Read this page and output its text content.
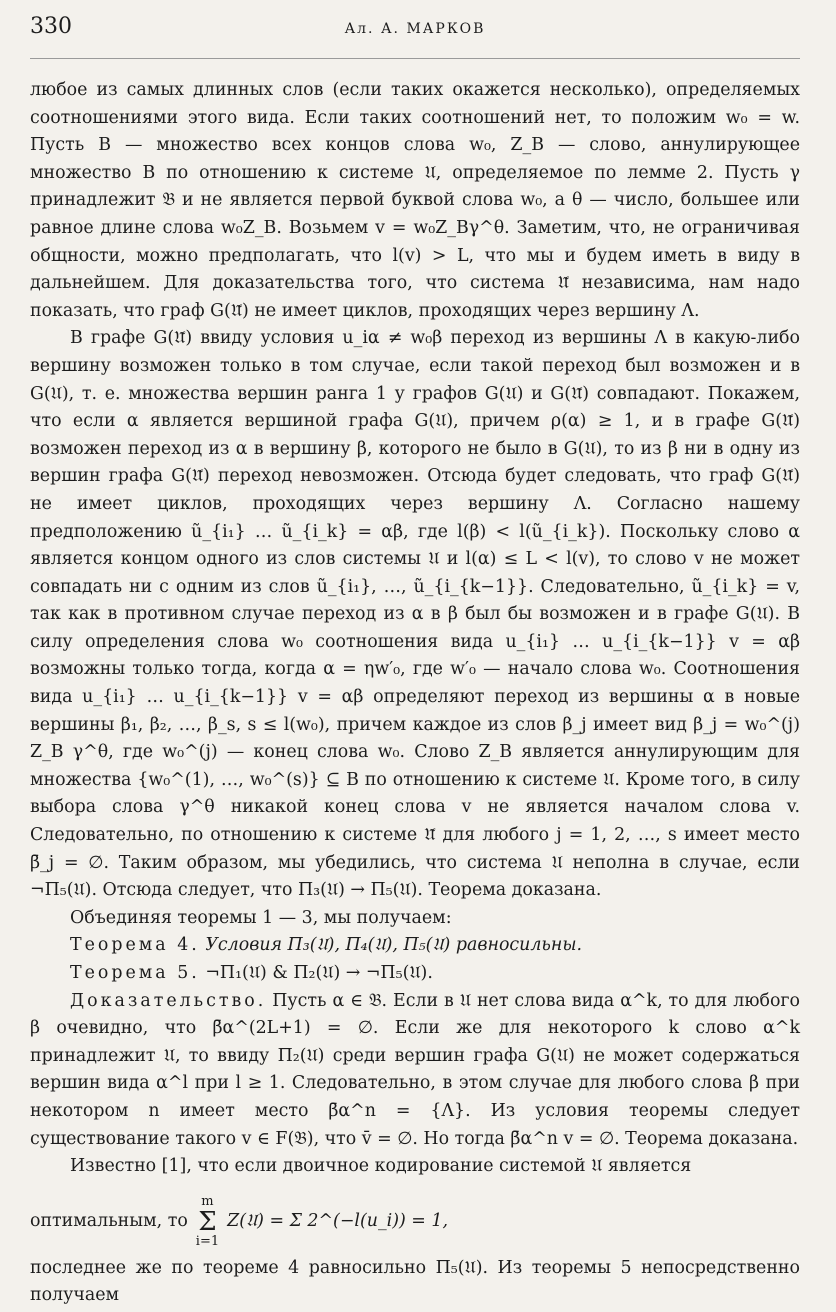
330	Ал. А. МАРКОВ

любое из самых длинных слов (если таких окажется несколько), определяемых соотношениями этого вида. Если таких соотношений нет, то положим w₀ = w. Пусть B — множество всех концов слова w₀, Z_B — слово, аннулирующее множество B по отношению к системе 𝔘, определяемое по лемме 2. Пусть γ принадлежит 𝔅 и не является первой буквой слова w₀, а θ — число, большее или равное длине слова w₀Z_B. Возьмем v = w₀Z_Bγ^θ. Заметим, что, не ограничивая общности, можно предполагать, что l(v) > L, что мы и будем иметь в виду в дальнейшем. Для доказательства того, что система 𝔘̃ независима, нам надо показать, что граф G(𝔘̃) не имеет циклов, проходящих через вершину Λ.

В графе G(𝔘̃) ввиду условия u_iα ≠ w₀β переход из вершины Λ в какую-либо вершину возможен только в том случае, если такой переход был возможен и в G(𝔘), т. е. множества вершин ранга 1 у графов G(𝔘) и G(𝔘̃) совпадают. Покажем, что если α является вершиной графа G(𝔘), причем ρ(α) ≥ 1, и в графе G(𝔘̃) возможен переход из α в вершину β, которого не было в G(𝔘), то из β ни в одну из вершин графа G(𝔘̃) переход невозможен. Отсюда будет следовать, что граф G(𝔘̃) не имеет циклов, проходящих через вершину Λ. Согласно нашему предположению ũ_{i₁} … ũ_{i_k} = αβ, где l(β) < l(ũ_{i_k}). Поскольку слово α является концом одного из слов системы 𝔘 и l(α) ≤ L < l(v), то слово v не может совпадать ни с одним из слов ũ_{i₁}, …, ũ_{i_{k−1}}. Следовательно, ũ_{i_k} = v, так как в противном случае переход из α в β был бы возможен и в графе G(𝔘). В силу определения слова w₀ соотношения вида u_{i₁} … u_{i_{k−1}} v = αβ возможны только тогда, когда α = ηw′₀, где w′₀ — начало слова w₀. Соотношения вида u_{i₁} … u_{i_{k−1}} v = αβ определяют переход из вершины α в новые вершины β₁, β₂, …, β_s, s ≤ l(w₀), причем каждое из слов β_j имеет вид β_j = w₀^(j) Z_B γ^θ, где w₀^(j) — конец слова w₀. Слово Z_B является аннулирующим для множества {w₀^(1), …, w₀^(s)} ⊆ B по отношению к системе 𝔘. Кроме того, в силу выбора слова γ^θ никакой конец слова v не является началом слова v. Следовательно, по отношению к системе 𝔘̃ для любого j = 1, 2, …, s имеет место β̄_j = ∅. Таким образом, мы убедились, что система 𝔘 неполна в случае, если ¬Π₅(𝔘). Отсюда следует, что Π₃(𝔘) → Π₅(𝔘). Теорема доказана.

Объединяя теоремы 1 — 3, мы получаем:

Теорема 4. Условия Π₃(𝔘), Π₄(𝔘), Π₅(𝔘) равносильны.

Теорема 5. ¬Π₁(𝔘) & Π₂(𝔘) → ¬Π₅(𝔘).

Доказательство. Пусть α ∈ 𝔅. Если в 𝔘 нет слова вида α^k, то для любого β очевидно, что β̄α^(2L+1) = ∅. Если же для некоторого k слово α^k принадлежит 𝔘, то ввиду Π₂(𝔘) среди вершин графа G(𝔘) не может содержаться вершин вида α^l при l ≥ 1. Следовательно, в этом случае для любого слова β при некотором n имеет место β̄α^n = {Λ}. Из условия теоремы следует существование такого v ∈ F(𝔅), что v̄ = ∅. Но тогда β̄α^n v = ∅. Теорема доказана.

Известно [1], что если двоичное кодирование системой 𝔘 является

оптимальным, то
m
Σ
i=1
Z(𝔘) = Σ 2^(−l(u_i)) = 1,

последнее же по теореме 4 равносильно Π₅(𝔘). Из теоремы 5 непосредственно получаем
